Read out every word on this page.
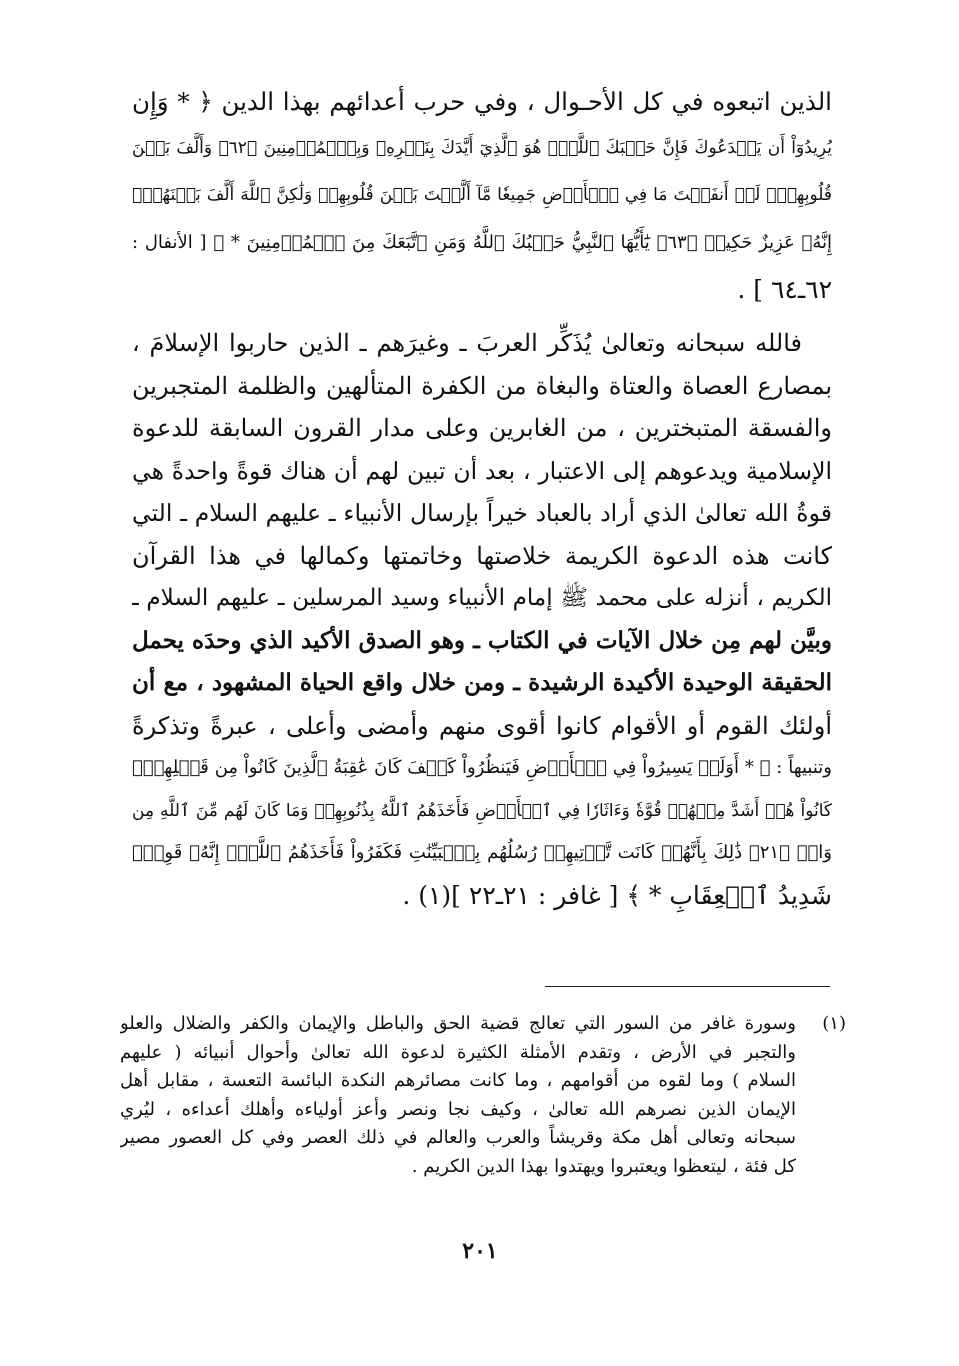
الذين اتبعوه في كل الأحـوال ، وفي حرب أعدائهم بهذا الدين ﴿ * وَإِن
يُرِيدُوٓاْ أَن يَخۡدَعُوكَ فَإِنَّ حَسۡبَكَ ٱللَّهُۚ هُوَ ٱلَّذِيٓ أَيَّدَكَ بِنَصۡرِهِۦ وَبِٱلۡمُؤۡمِنِينَ ﴿٦٢﴾ وَأَلَّفَ بَيۡنَ
قُلُوبِهِمۡۚ لَوۡ أَنفَقۡتَ مَا فِي ٱلۡأَرۡضِ جَمِيعٗا مَّآ أَلَّفۡتَ بَيۡنَ قُلُوبِهِمۡ وَلَٰكِنَّ ٱللَّهَ أَلَّفَ بَيۡنَهُمۡۚ
إِنَّهُۥ عَزِيزٌ حَكِيمٞ ﴿٦٣﴾ يَٰٓأَيُّهَا ٱلنَّبِيُّ حَسۡبُكَ ٱللَّهُ وَمَنِ ٱتَّبَعَكَ مِنَ ٱلۡمُؤۡمِنِينَ * ﴾ [ الأنفال :
٦٢ـ٦٤ ] .
فالله سبحانه وتعالىٰ يُذَكِّر العربَ ـ وغيرَهم ـ الذين حاربوا الإسلامَ ،
بمصارع العصاة والعتاة والبغاة من الكفرة المتألهين والظلمة المتجبرين
والفسقة المتبخترين ، من الغابرين وعلى مدار القرون السابقة للدعوة
الإسلامية ويدعوهم إلى الاعتبار ، بعد أن تبين لهم أن هناك قوةً واحدةً هي
قوةُ الله تعالىٰ الذي أراد بالعباد خيراً بإرسال الأنبياء ـ عليهم السلام ـ التي
كانت هذه الدعوة الكريمة خلاصتها وخاتمتها وكمالها في هذا القرآن
الكريم ، أنزله على محمد ﷺ إمام الأنبياء وسيد المرسلين ـ عليهم السلام ـ
وبيَّن لهم مِن خلال الآيات في الكتاب ـ وهو الصدق الأكيد الذي وحدَه يحمل
الحقيقة الوحيدة الأكيدة الرشيدة ـ ومن خلال واقع الحياة المشهود ، مع أن
أولئك القوم أو الأقوام كانوا أقوى منهم وأمضى وأعلى ، عبرةً وتذكرةً
وتنبيهاً : ﴿ * أَوَلَمۡ يَسِيرُواْ فِي ٱلۡأَرۡضِ فَيَنظُرُواْ كَيۡفَ كَانَ عَٰقِبَةُ ٱلَّذِينَ كَانُواْ مِن قَبۡلِهِمۡۚ
كَانُواْ هُمۡ أَشَدَّ مِنۡهُمۡ قُوَّةٗ وَءَاثَارٗا فِي ٱلۡأَرۡضِ فَأَخَذَهُمُ ٱللَّهُ بِذُنُوبِهِمۡ وَمَا كَانَ لَهُم مِّنَ ٱللَّهِ مِن
وَاقٖ ﴿٢١﴾ ذَٰلِكَ بِأَنَّهُمۡ كَانَت تَّأۡتِيهِمۡ رُسُلُهُم بِٱلۡبَيِّنَٰتِ فَكَفَرُواْ فَأَخَذَهُمُ ٱللَّهُۚ إِنَّهُۥ قَوِيّٞ
شَدِيدُ ٱلۡعِقَابِ * ﴾ [ غافر : ٢١ـ٢٢ ](١) .
(١)
وسورة غافر من السور التي تعالج قضية الحق والباطل والإيمان والكفر والضلال والعلو
والتجبر في الأرض ، وتقدم الأمثلة الكثيرة لدعوة الله تعالىٰ وأحوال أنبيائه ( عليهم
السلام ) وما لقوه من أقوامهم ، وما كانت مصائرهم النكدة البائسة التعسة ، مقابل أهل
الإيمان الذين نصرهم الله تعالىٰ ، وكيف نجا ونصر وأعز أولياءه وأهلك أعداءه ، ليُري
سبحانه وتعالى أهل مكة وقريشاً والعرب والعالم في ذلك العصر وفي كل العصور مصير
كل فئة ، ليتعظوا ويعتبروا ويهتدوا بهذا الدين الكريم .
٢٠١
